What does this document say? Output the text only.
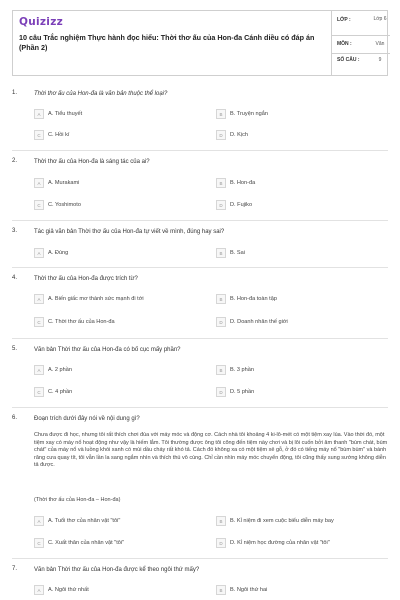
Quizizz
10 câu Trắc nghiệm Thực hành đọc hiểu: Thời thơ ấu của Hon-đa Cánh diều có đáp án (Phần 2)
LỚP :	Lớp 6
MÔN :	Văn
SỐ CÂU :	9
1.	Thời thơ ấu của Hon-đa là văn bản thuộc thể loại?
A	A. Tiểu thuyết	B	B. Truyện ngắn
C	C. Hồi kí	D	D. Kịch
2.	Thời thơ ấu của Hon-đa là sáng tác của ai?
A	A. Murakami	B	B. Hon-đa
C	C. Yoshimoto	D	D. Fujiko
3.	Tác giả văn bản Thời thơ ấu của Hon-đa tự viết về mình, đúng hay sai?
A	A. Đúng	B	B. Sai
4.	Thời thơ ấu của Hon-đa được trích từ?
A	A. Biến giấc mơ thành sức mạnh đi tới	B	B. Hon-đa toàn tập
C	C. Thời thơ ấu của Hon-đa	D	D. Doanh nhân thế giới
5.	Văn bản Thời thơ ấu của Hon-đa có bố cục mấy phần?
A	A. 2 phần	B	B. 3 phần
C	C. 4 phần	D	D. 5 phần
6.	Đoạn trích dưới đây nói về nội dung gì?
Chưa được đi học, nhưng tôi rất thích chơi đùa với máy móc và động cơ. Cách nhà tôi khoảng 4 ki-lô-mét có một tiệm xay lúa. Vào thời đó, một tiệm xay có máy nổ hoạt động như vậy là hiếm lắm. Tôi thường được ông tôi cõng đến tiệm này chơi và bị lôi cuốn bởi âm thanh "bùm chát, bùm chát" của máy nổ và luồng khói xanh có mùi dầu cháy rất khó tả. Cách đó không xa có một tiệm xẻ gỗ, ở đó có tiếng máy nổ "bùm bùm" và bánh răng cưa quay tít, tôi vẫn lần la sang ngắm nhìn và thích thú vô cùng. Chỉ cần nhìn máy móc chuyển động, tôi cũng thấy sung sướng không diễn tả được.
(Thời thơ ấu của Hon-đa – Hon-đa)
A	A. Tuổi thơ của nhân vật "tôi"	B	B. Kỉ niệm đi xem cuộc biểu diễn máy bay
C	C. Xuất thân của nhân vật "tôi"	D	D. Kỉ niệm học đường của nhân vật "tôi"
7.	Văn bản Thời thơ ấu của Hon-đa được kể theo ngôi thứ mấy?
A	A. Ngôi thứ nhất	B	B. Ngôi thứ hai
